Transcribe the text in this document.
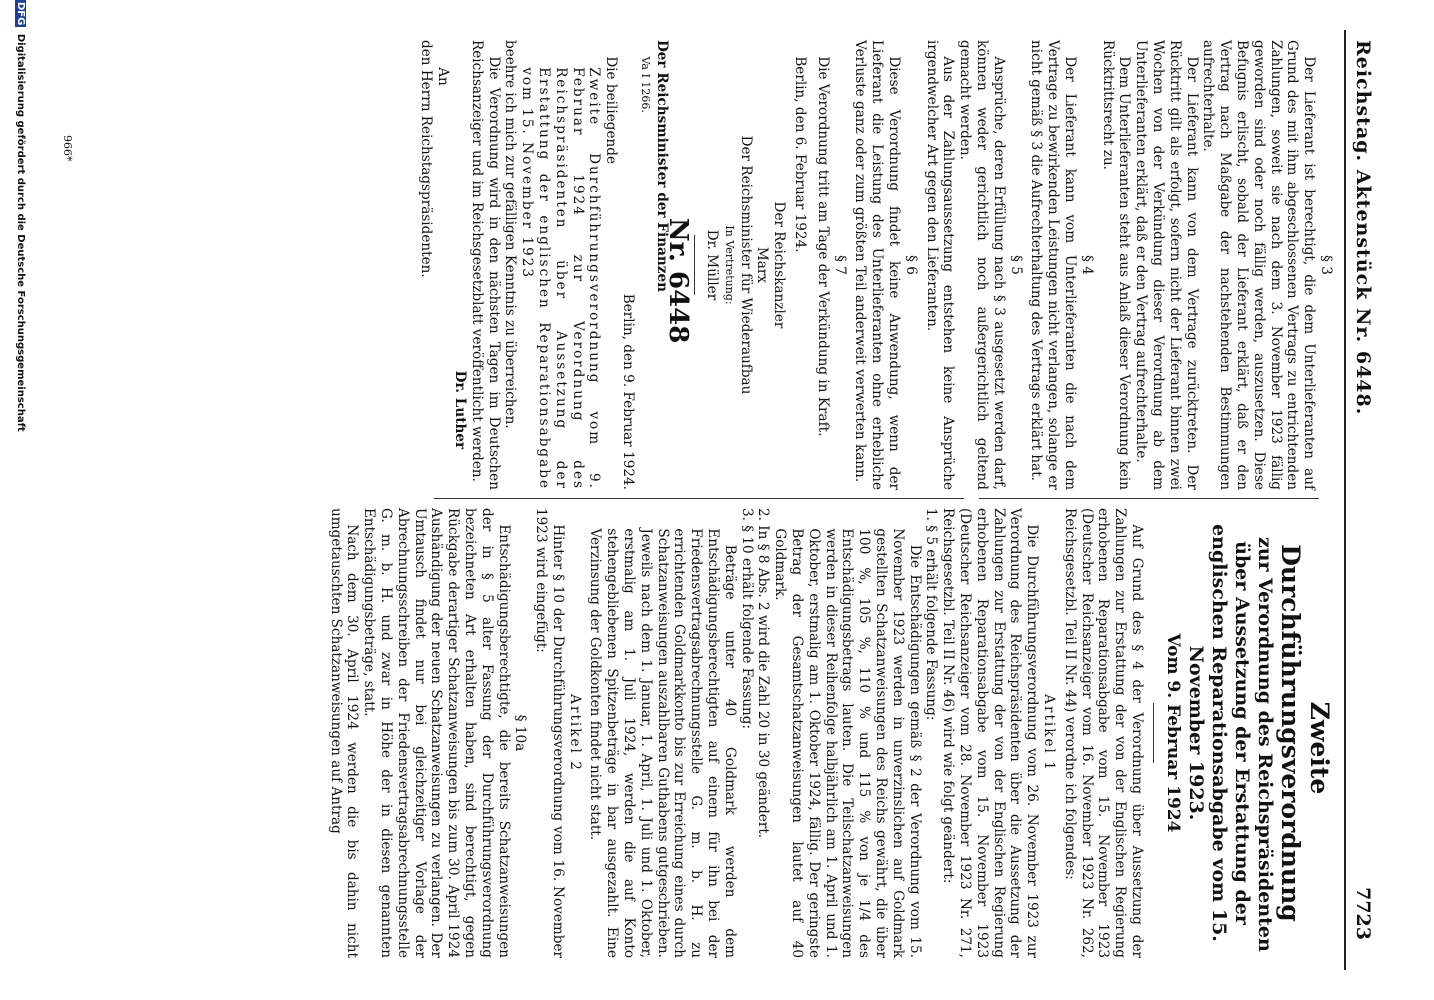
Reichstag. Aktenstück Nr. 6448.
7723

§ 3

Der Lieferant ist berechtigt, die dem Unterlieferanten auf Grund des mit ihm abgeschlossenen Vertrags zu entrichtenden Zahlungen, soweit sie nach dem 3. November 1923 fällig geworden sind oder noch fällig werden, auszusetzen. Diese Befugnis erlischt, sobald der Lieferant erklärt, daß er den Vertrag nach Maßgabe der nachstehenden Bestimmungen aufrechterhalte.

Der Lieferant kann von dem Vertrage zurücktreten. Der Rücktritt gilt als erfolgt, sofern nicht der Lieferant binnen zwei Wochen von der Verkündung dieser Verordnung ab dem Unterlieferanten erklärt, daß er den Vertrag aufrechterhalte.

Dem Unterlieferanten steht aus Anlaß dieser Verordnung kein Rücktrittsrecht zu.

§ 4

Der Lieferant kann vom Unterlieferanten die nach dem Vertrage zu bewirkenden Leistungen nicht verlangen, solange er nicht gemäß § 3 die Aufrechterhaltung des Vertrags erklärt hat.

§ 5

Ansprüche, deren Erfüllung nach § 3 ausgesetzt werden darf, können weder gerichtlich noch außergerichtlich geltend gemacht werden.

Aus der Zahlungsaussetzung entstehen keine Ansprüche irgendwelcher Art gegen den Lieferanten.

§ 6

Diese Verordnung findet keine Anwendung, wenn der Lieferant die Leistung des Unterlieferanten ohne erhebliche Verluste ganz oder zum größten Teil anderweit verwerten kann.

§ 7

Die Verordnung tritt am Tage der Verkündung in Kraft.

Berlin, den 6. Februar 1924.

Der Reichskanzler

Marx

Der Reichsminister für Wiederaufbau

In Vertretung:

Dr. Müller

Nr. 6448

Der Reichsminister der Finanzen

Va I 1266.

Berlin, den 9. Februar 1924.

Die beiliegende

Zweite Durchführungsverordnung vom 9. Februar 1924 zur Verordnung des Reichspräsidenten über Aussetzung der Erstattung der englischen Reparationsabgabe vom 15. November 1923

beehre ich mich zur gefälligen Kenntnis zu überreichen.

Die Verordnung wird in den nächsten Tagen im Deutschen Reichsanzeiger und im Reichsgesetzblatt veröffentlicht werden.

Dr. Luther

An

den Herrn Reichstagspräsidenten.

Zweite Durchführungsverordnung

zur Verordnung des Reichspräsidenten über Aussetzung der Erstattung der englischen Reparationsabgabe vom 15. November 1923.

Vom 9. Februar 1924

Auf Grund des § 4 der Verordnung über Aussetzung der Zahlungen zur Erstattung der von der Englischen Regierung erhobenen Reparationsabgabe vom 15. November 1923 (Deutscher Reichsanzeiger vom 16. November 1923 Nr. 262, Reichsgesetzbl. Teil II Nr. 44) verordne ich folgendes:

Artikel 1

Die Durchführungsverordnung vom 26. November 1923 zur Verordnung des Reichspräsidenten über die Aussetzung der Zahlungen zur Erstattung der von der Englischen Regierung erhobenen Reparationsabgabe vom 15. November 1923 (Deutscher Reichsanzeiger vom 28. November 1923 Nr. 271, Reichsgesetzbl. Teil II Nr. 46) wird wie folgt geändert:

1. § 5 erhält folgende Fassung:

Die Entschädigungen gemäß § 2 der Verordnung vom 15. November 1923 werden in unverzinslichen auf Goldmark gestellten Schatzanweisungen des Reichs gewährt, die über 100 %, 105 %, 110 % und 115 % von je 1/4 des Entschädigungsbetrags lauten. Die Teilschatzanweisungen werden in dieser Reihenfolge halbjährlich am 1. April und 1. Oktober, erstmalig am 1. Oktober 1924, fällig. Der geringste Betrag der Gesamtschatzanweisungen lautet auf 40 Goldmark.

2. In § 8 Abs. 2 wird die Zahl 20 in 30 geändert.

3. § 10 erhält folgende Fassung:

Beträge unter 40 Goldmark werden dem Entschädigungsberechtigten auf einem für ihn bei der Friedensvertragsabrechnungsstelle G. m. b. H. zu errichtenden Goldmarkkonto bis zur Erreichung eines durch Schatzanweisungen auszahlbaren Guthabens gutgeschrieben. Jeweils nach dem 1. Januar, 1. April, 1. Juli und 1. Oktober, erstmalig am 1. Juli 1924, werden die auf Konto stehengebliebenen Spitzenbeträge in bar ausgezahlt. Eine Verzinsung der Goldkonten findet nicht statt.

Artikel 2

Hinter § 10 der Durchführungsverordnung vom 16. November 1923 wird eingefügt:

§ 10a

Entschädigungsberechtigte, die bereits Schatzanweisungen der in § 5 alter Fassung der Durchführungsverordnung bezeichneten Art erhalten haben, sind berechtigt, gegen Rückgabe derartiger Schatzanweisungen bis zum 30. April 1924 Aushändigung der neuen Schatzanweisungen zu verlangen. Der Umtausch findet nur bei gleichzeitiger Vorlage der Abrechnungsschreiben der Friedensvertragsabrechnungsstelle G. m. b. H. und zwar in Höhe der in diesen genannten Entschädigungsbeträge, statt.

Nach dem 30. April 1924 werden die bis dahin nicht umgetauschten Schatzanweisungen auf Antrag

966*
DFG Digitalisierung gefördert durch die Deutsche Forschungsgemeinschaft
